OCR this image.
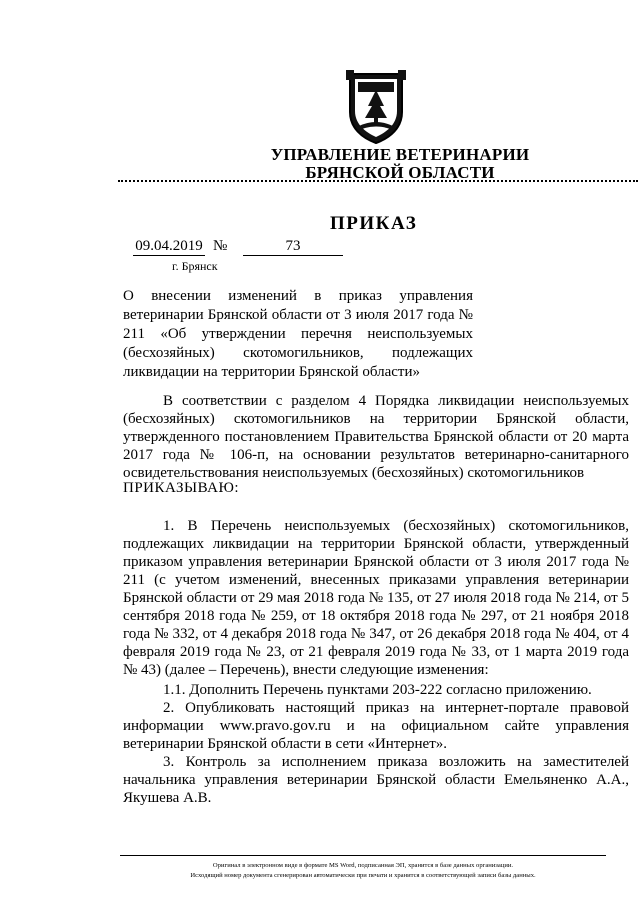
УПРАВЛЕНИЕ ВЕТЕРИНАРИИ
БРЯНСКОЙ ОБЛАСТИ
ПРИКАЗ
09.04.2019 №	73
г. Брянск
О внесении изменений в приказ управления ветеринарии Брянской области от 3 июля 2017 года № 211 «Об утверждении перечня неиспользуемых (бесхозяйных) скотомогильников, подлежащих ликвидации на территории Брянской области»
В соответствии с разделом 4 Порядка ликвидации неиспользуемых (бесхозяйных) скотомогильников на территории Брянской области, утвержденного постановлением Правительства Брянской области от 20 марта 2017 года № 106-п, на основании результатов ветеринарно-санитарного освидетельствования неиспользуемых (бесхозяйных) скотомогильников
ПРИКАЗЫВАЮ:
1. В Перечень неиспользуемых (бесхозяйных) скотомогильников, подлежащих ликвидации на территории Брянской области, утвержденный приказом управления ветеринарии Брянской области от 3 июля 2017 года № 211 (с учетом изменений, внесенных приказами управления ветеринарии Брянской области от 29 мая 2018 года № 135, от 27 июля 2018 года № 214, от 5 сентября 2018 года № 259, от 18 октября 2018 года № 297, от 21 ноября 2018 года № 332, от 4 декабря 2018 года № 347, от 26 декабря 2018 года № 404, от 4 февраля 2019 года № 23, от 21 февраля 2019 года № 33, от 1 марта 2019 года № 43) (далее – Перечень), внести следующие изменения:
1.1. Дополнить Перечень пунктами 203-222 согласно приложению.
2. Опубликовать настоящий приказ на интернет-портале правовой информации www.pravo.gov.ru и на официальном сайте управления ветеринарии Брянской области в сети «Интернет».
3. Контроль за исполнением приказа возложить на заместителей начальника управления ветеринарии Брянской области Емельяненко А.А., Якушева А.В.
Оригинал в электронном виде в формате MS Word, подписанная ЭП, хранится в базе данных организации.
Исходящий номер документа сгенерирован автоматически при печати и хранится в соответствующей записи базы данных.
